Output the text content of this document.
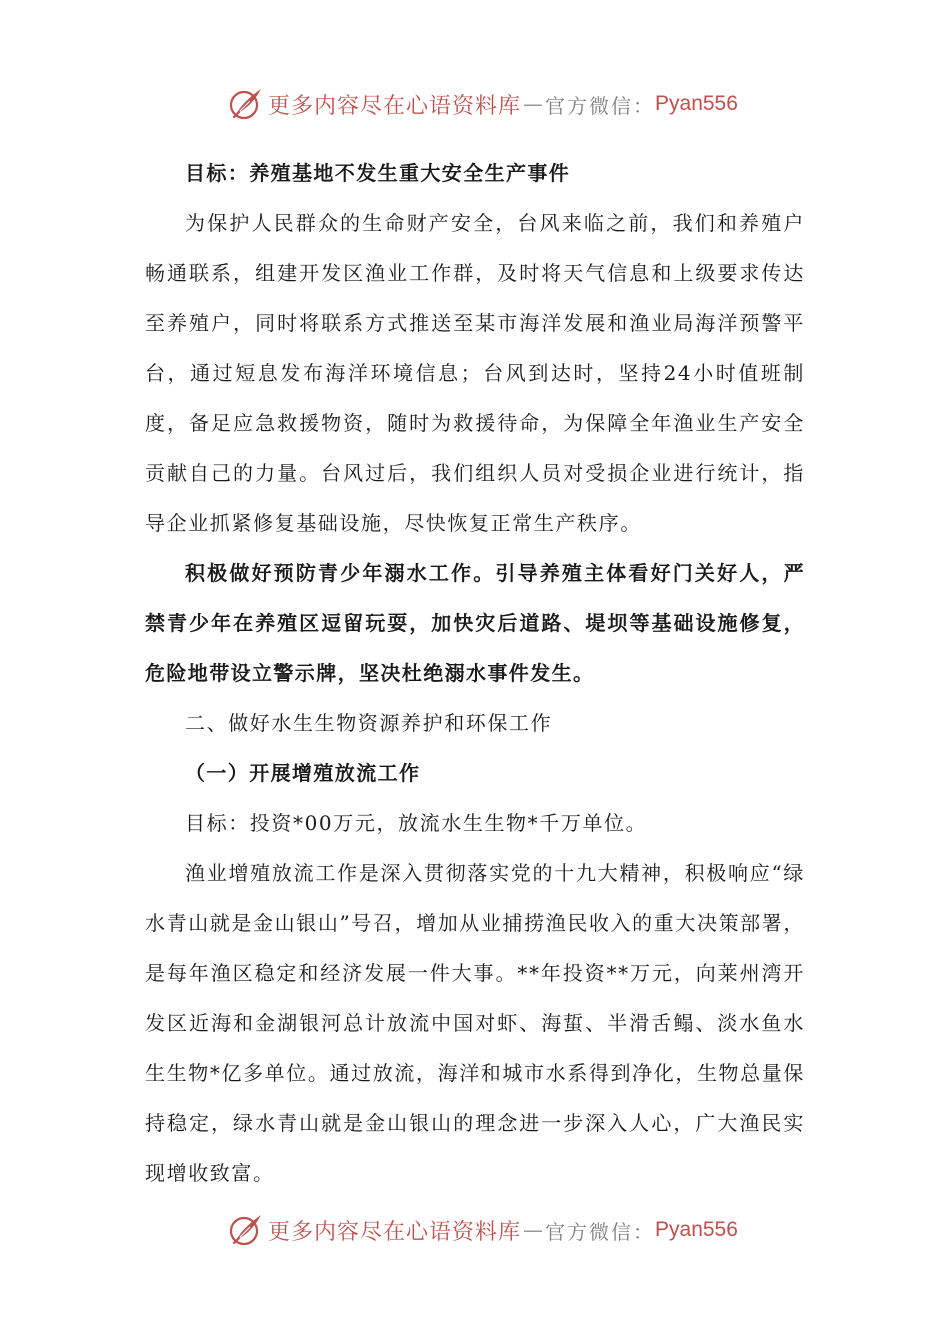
更多内容尽在心语资料库 — 官方微信： Pyan556

目标：养殖基地不发生重大安全生产事件

为保护人民群众的生命财产安全，台风来临之前，我们和养殖户畅通联系，组建开发区渔业工作群，及时将天气信息和上级要求传达至养殖户，同时将联系方式推送至某市海洋发展和渔业局海洋预警平台，通过短息发布海洋环境信息；台风到达时，坚持24小时值班制度，备足应急救援物资，随时为救援待命，为保障全年渔业生产安全贡献自己的力量。台风过后，我们组织人员对受损企业进行统计，指导企业抓紧修复基础设施，尽快恢复正常生产秩序。

积极做好预防青少年溺水工作。引导养殖主体看好门关好人，严禁青少年在养殖区逗留玩耍，加快灾后道路、堤坝等基础设施修复，危险地带设立警示牌，坚决杜绝溺水事件发生。

二、做好水生生物资源养护和环保工作

（一）开展增殖放流工作

目标：投资*00万元，放流水生生物*千万单位。

渔业增殖放流工作是深入贯彻落实党的十九大精神，积极响应“绿水青山就是金山银山”号召，增加从业捕捞渔民收入的重大决策部署，是每年渔区稳定和经济发展一件大事。**年投资**万元，向莱州湾开发区近海和金湖银河总计放流中国对虾、海蜇、半滑舌鳎、淡水鱼水生生物*亿多单位。通过放流，海洋和城市水系得到净化，生物总量保持稳定，绿水青山就是金山银山的理念进一步深入人心，广大渔民实现增收致富。

更多内容尽在心语资料库 — 官方微信： Pyan556
